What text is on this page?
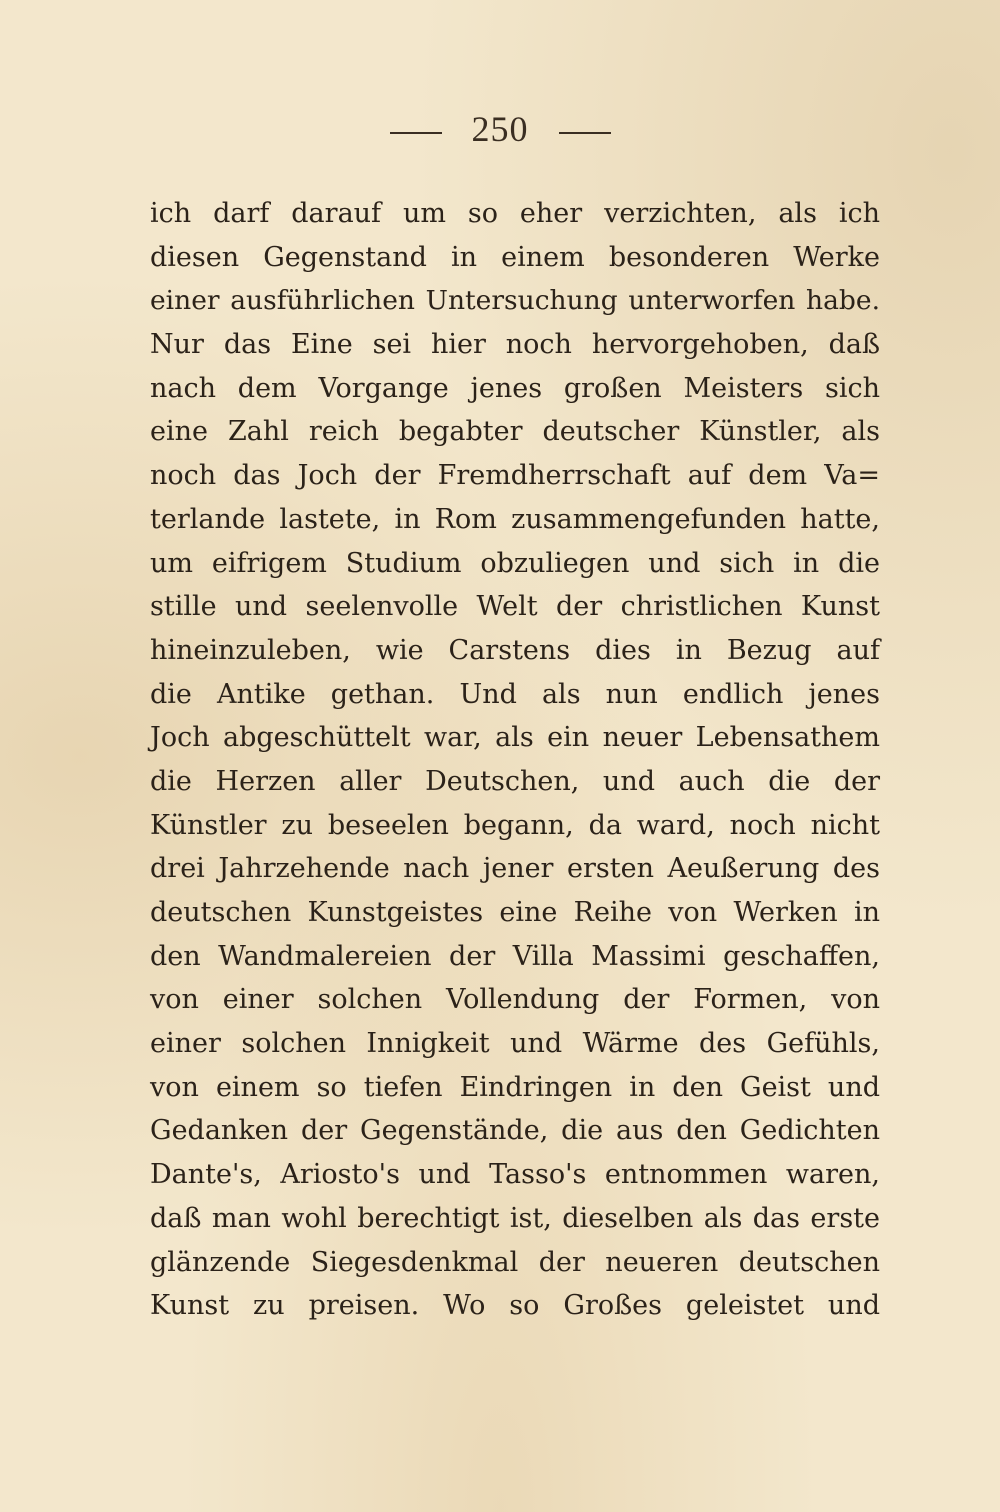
250
ich darf darauf um so eher verzichten, als ich
diesen Gegenstand in einem besonderen Werke
einer ausführlichen Untersuchung unterworfen habe.
Nur das Eine sei hier noch hervorgehoben, daß
nach dem Vorgange jenes großen Meisters sich
eine Zahl reich begabter deutscher Künstler, als
noch das Joch der Fremdherrschaft auf dem Va=
terlande lastete, in Rom zusammengefunden hatte,
um eifrigem Studium obzuliegen und sich in die
stille und seelenvolle Welt der christlichen Kunst
hineinzuleben, wie Carstens dies in Bezug auf
die Antike gethan. Und als nun endlich jenes
Joch abgeschüttelt war, als ein neuer Lebensathem
die Herzen aller Deutschen, und auch die der
Künstler zu beseelen begann, da ward, noch nicht
drei Jahrzehende nach jener ersten Aeußerung des
deutschen Kunstgeistes eine Reihe von Werken in
den Wandmalereien der Villa Massimi geschaffen,
von einer solchen Vollendung der Formen, von
einer solchen Innigkeit und Wärme des Gefühls,
von einem so tiefen Eindringen in den Geist und
Gedanken der Gegenstände, die aus den Gedichten
Dante's, Ariosto's und Tasso's entnommen waren,
daß man wohl berechtigt ist, dieselben als das erste
glänzende Siegesdenkmal der neueren deutschen
Kunst zu preisen. Wo so Großes geleistet und
